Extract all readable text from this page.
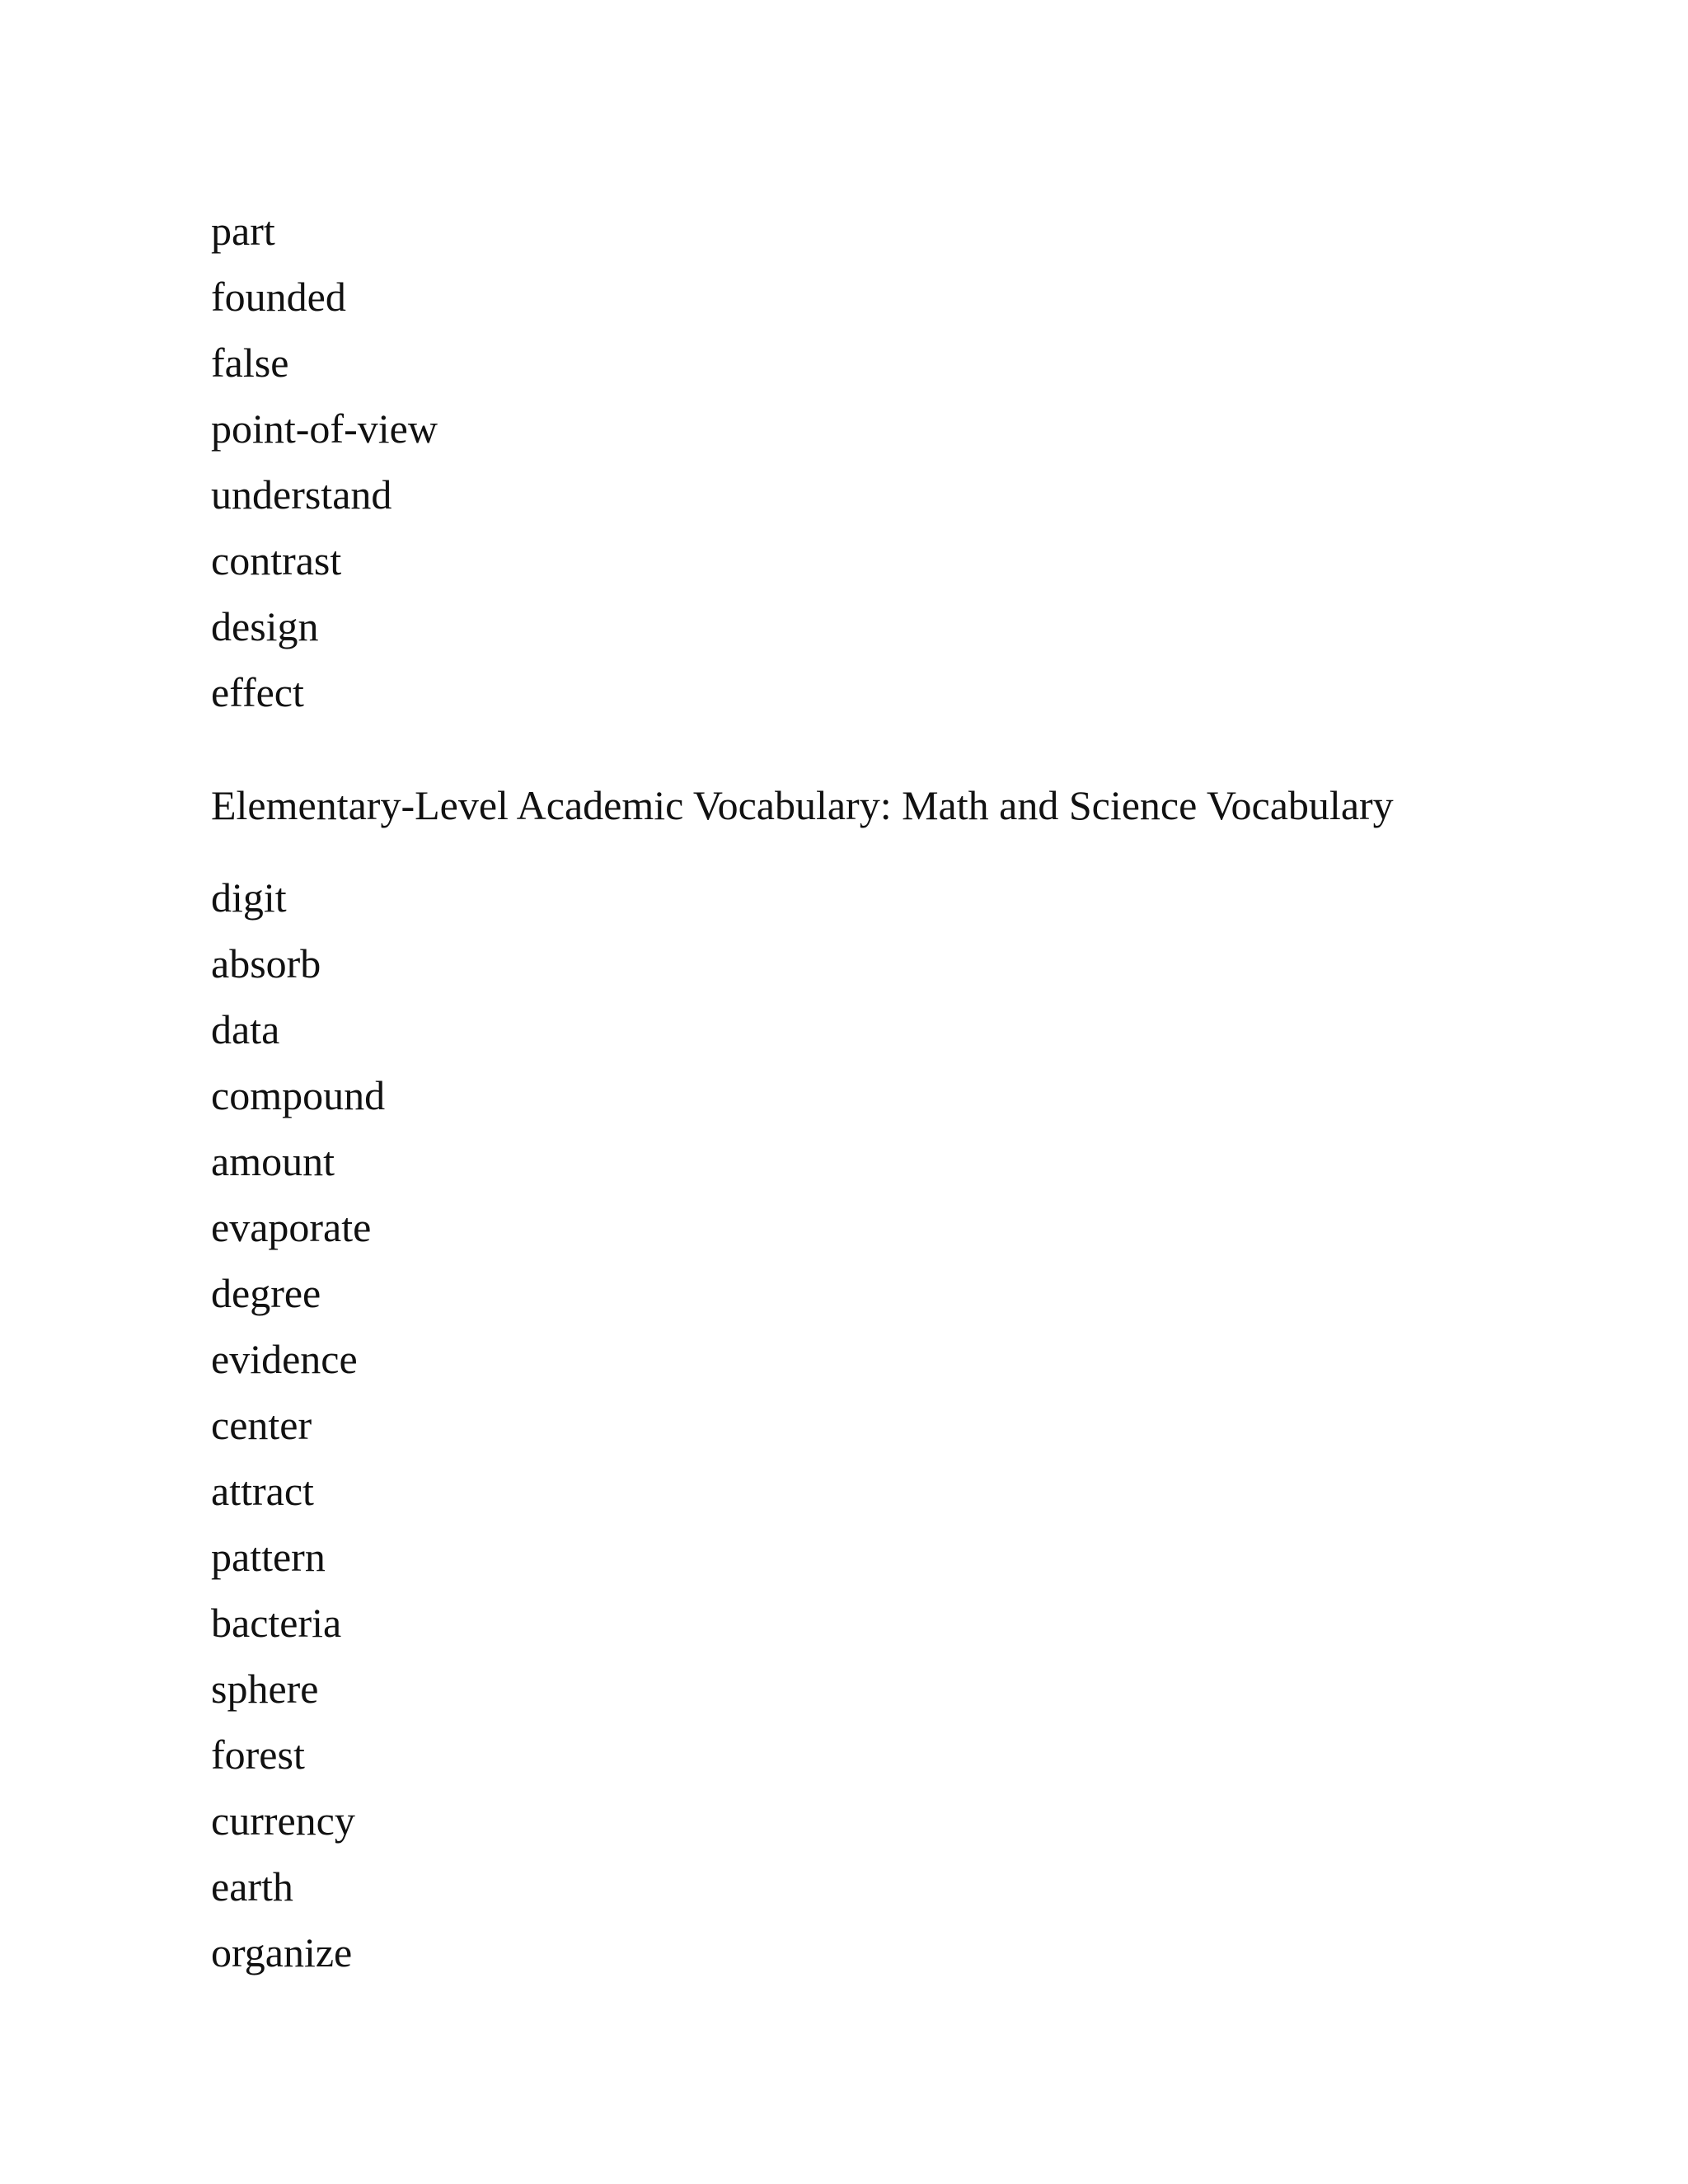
part
founded
false
point-of-view
understand
contrast
design
effect
Elementary-Level Academic Vocabulary: Math and Science Vocabulary
digit
absorb
data
compound
amount
evaporate
degree
evidence
center
attract
pattern
bacteria
sphere
forest
currency
earth
organize
